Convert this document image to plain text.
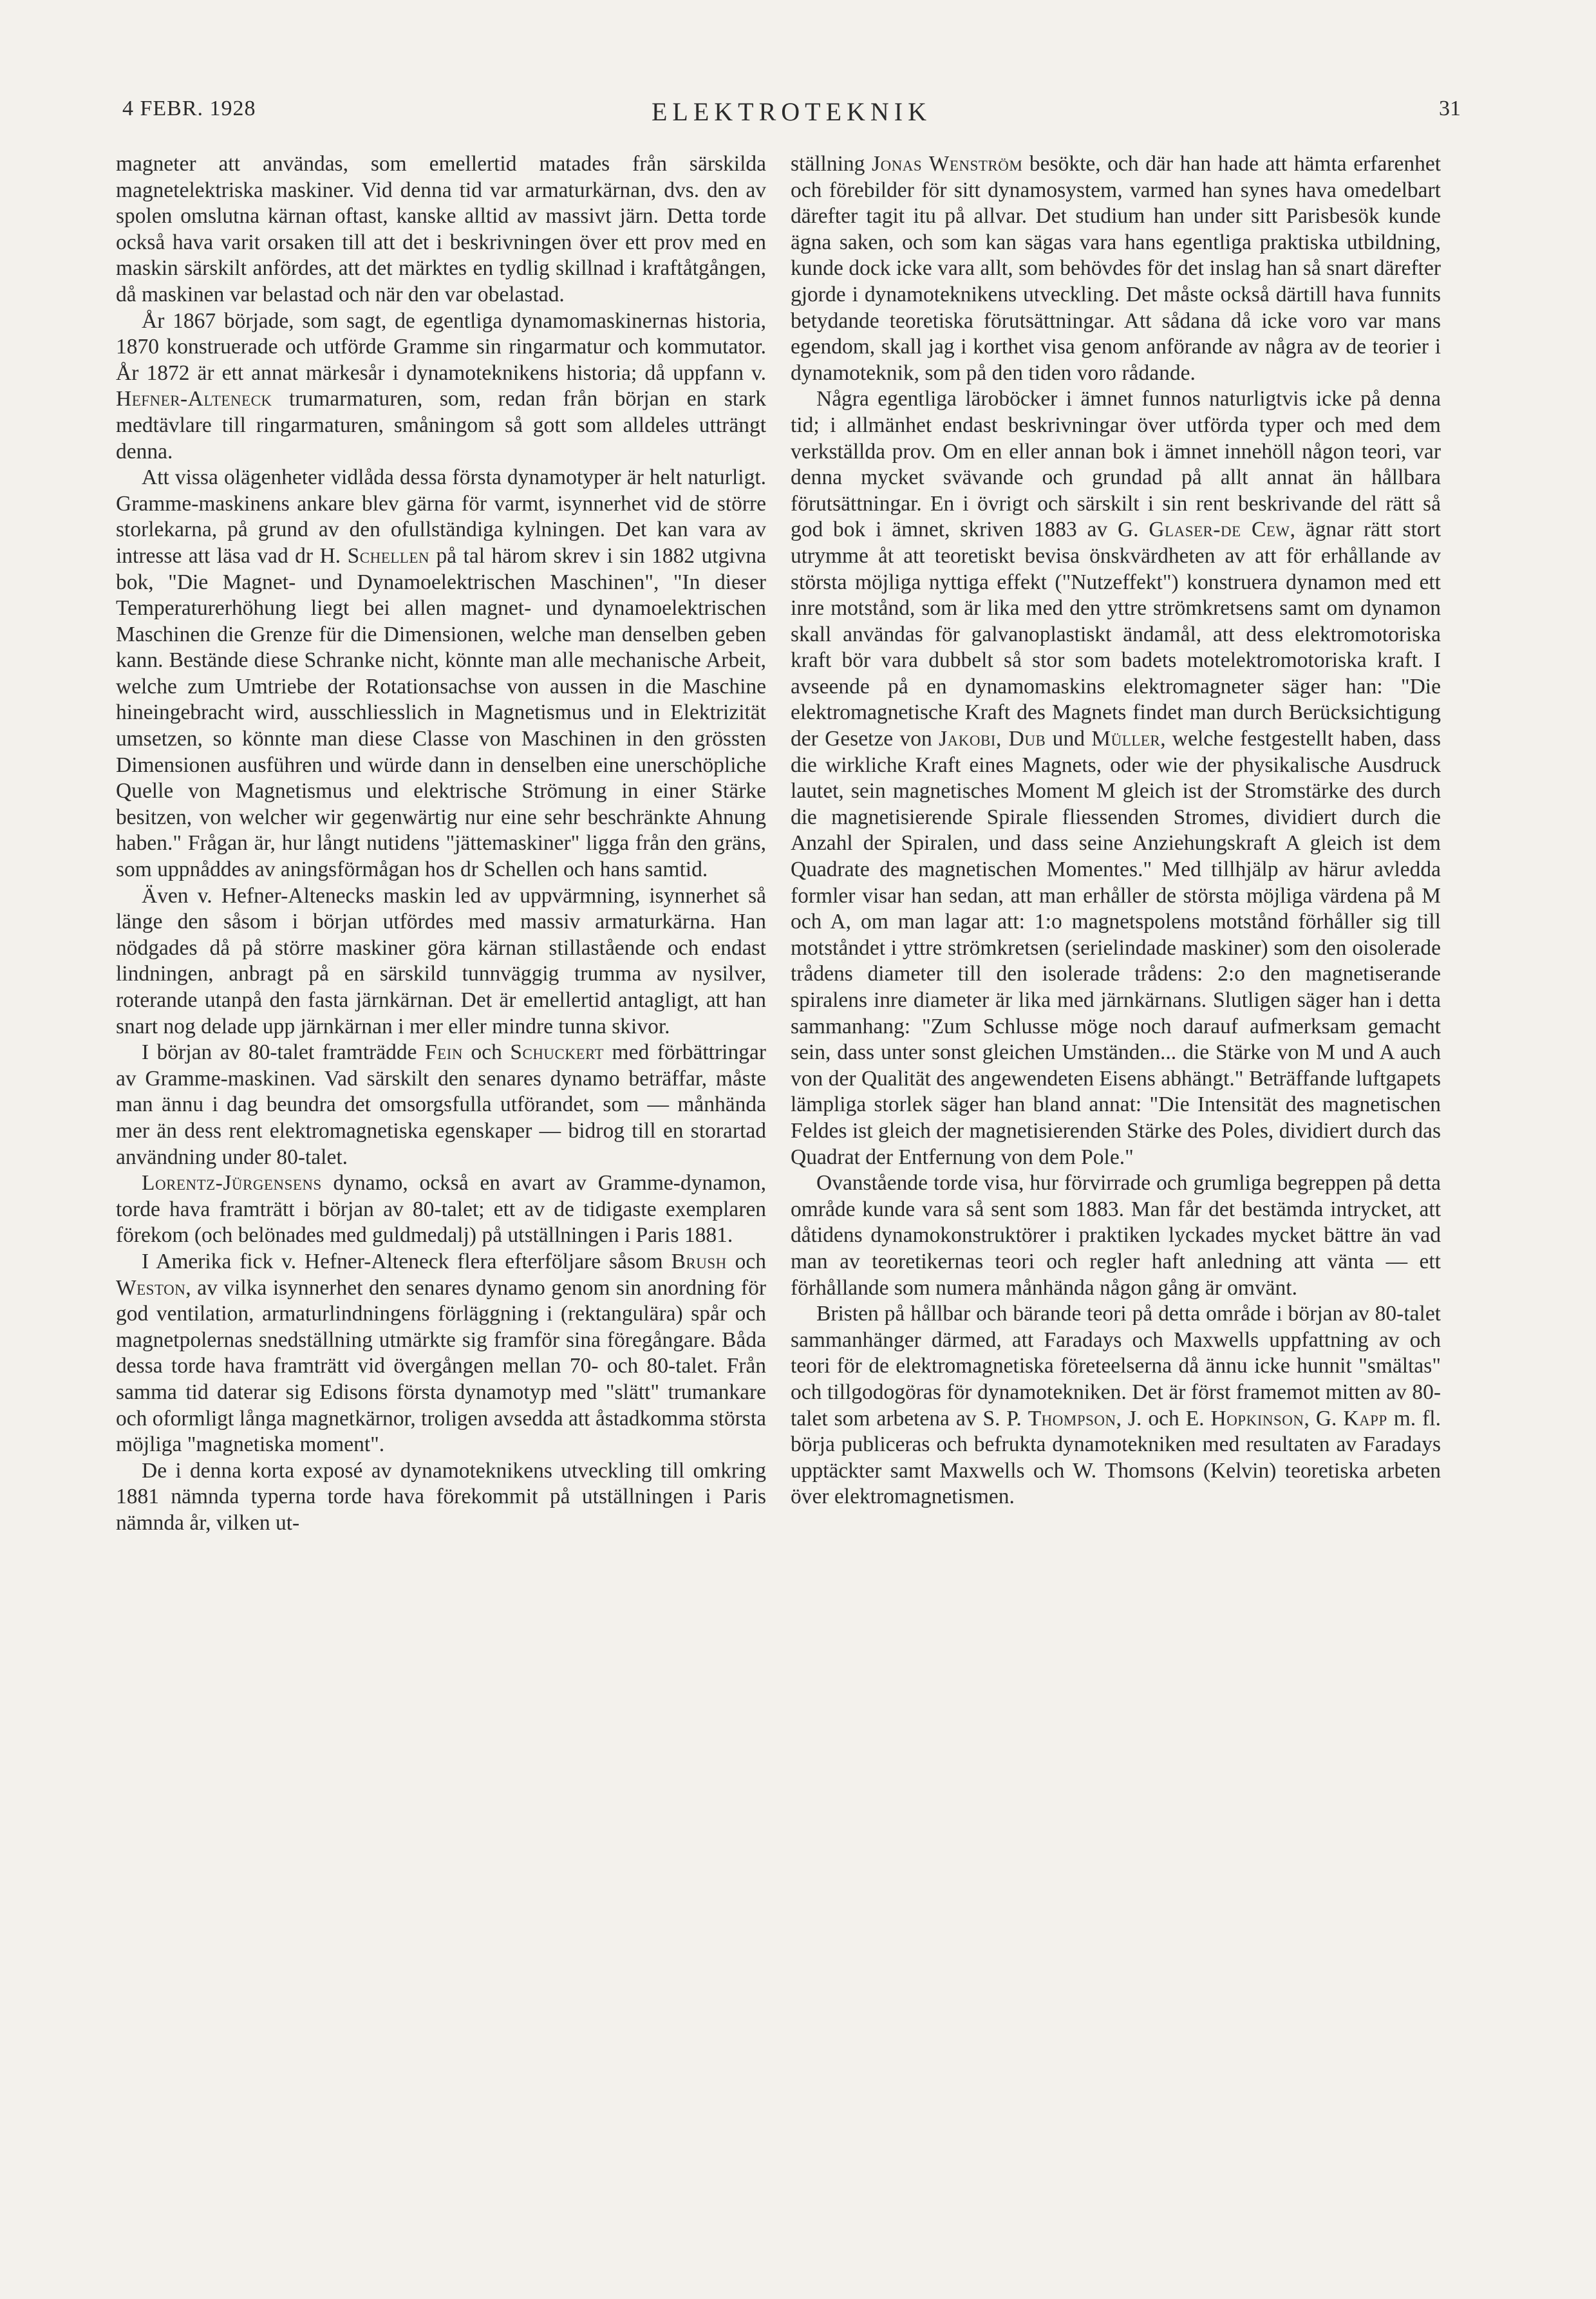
4 FEBR. 1928	ELEKTROTEKNIK	31

magneter att användas, som emellertid matades från särskilda magnetelektriska maskiner. Vid denna tid var armaturkärnan, dvs. den av spolen omslutna kärnan oftast, kanske alltid av massivt järn. Detta torde också hava varit orsaken till att det i beskrivningen över ett prov med en maskin särskilt anfördes, att det märktes en tydlig skillnad i kraftåtgången, då maskinen var belastad och när den var obelastad.

År 1867 började, som sagt, de egentliga dynamomaskinernas historia, 1870 konstruerade och utförde Gramme sin ringarmatur och kommutator. År 1872 är ett annat märkesår i dynamoteknikens historia; då uppfann v. Hefner-Alteneck trumarmaturen, som, redan från början en stark medtävlare till ringarmaturen, småningom så gott som alldeles utträngt denna.

Att vissa olägenheter vidlådа dessa första dynamotyper är helt naturligt. Gramme-maskinens ankare blev gärna för varmt, isynnerhet vid de större storlekarna, på grund av den ofullständiga kylningen. Det kan vara av intresse att läsa vad dr H. Schellen på tal härom skrev i sin 1882 utgivna bok, "Die Magnet- und Dynamoelektrischen Maschinen", "In dieser Temperaturerhöhung liegt bei allen magnet- und dynamoelektrischen Maschinen die Grenze für die Dimensionen, welche man denselben geben kann. Bestände diese Schranke nicht, könnte man alle mechanische Arbeit, welche zum Umtriebe der Rotationsachse von aussen in die Maschine hineingebracht wird, ausschliesslich in Magnetismus und in Elektrizität umsetzen, so könnte man diese Classe von Maschinen in den grössten Dimensionen ausführen und würde dann in denselben eine unerschöpliche Quelle von Magnetismus und elektrische Strömung in einer Stärke besitzen, von welcher wir gegenwärtig nur eine sehr beschränkte Ahnung haben." Frågan är, hur långt nutidens "jättemaskiner" ligga från den gräns, som uppnåddes av aningsförmågan hos dr Schellen och hans samtid.

Även v. Hefner-Alteneсks maskin led av uppvärmning, isynnerhet så länge den såsom i början utfördes med massiv armaturkärna. Han nödgades då på större maskiner göra kärnan stillastående och endast lindningen, anbragt på en särskild tunnväggig trumma av nysilver, roterande utanpå den fasta järnkärnan. Det är emellertid antagligt, att han snart nog delade upp järnkärnan i mer eller mindre tunna skivor.

I början av 80-talet framträdde Fein och Schuckert med förbättringar av Gramme-maskinen. Vad särskilt den senares dynamo beträffar, måste man ännu i dag beundra det omsorgsfulla utförandet, som — månhända mer än dess rent elektromagnetiska egenskaper — bidrog till en storartad användning under 80-talet.

Lorentz-Jürgensens dynamo, också en avart av Gramme-dynamon, torde hava framträtt i början av 80-talet; ett av de tidigaste exemplaren förekom (och belönades med guldmedalj) på utställningen i Paris 1881.

I Amerika fick v. Hefner-Alteneck flera efterföljare såsom Brush och Weston, av vilka isynnerhet den senares dynamo genom sin anordning för god ventilation, armaturlindningens förläggning i (rektangulära) spår och magnetpolernas snedställning utmärkte sig framför sina föregångare. Båda dessa torde hava framträtt vid övergången mellan 70- och 80-talet. Från samma tid daterar sig Edisons första dynamotyp med "slätt" trumankare och oformligt långa magnetkärnor, troligen avsedda att åstadkomma största möjliga "magnetiska moment".

De i denna korta exposé av dynamoteknikens utveckling till omkring 1881 nämnda typerna torde hava förekommit på utställningen i Paris nämnda år, vilken ut-

ställning Jonas Wenström besökte, och där han hade att hämta erfarenhet och förebilder för sitt dynamosystem, varmed han synes hava omedelbart därefter tagit itu på allvar. Det studium han under sitt Parisbesök kunde ägna saken, och som kan sägas vara hans egentliga praktiska utbildning, kunde dock icke vara allt, som behövdes för det inslag han så snart därefter gjorde i dynamoteknikens utveckling. Det måste också därtill hava funnits betydande teoretiska förutsättningar. Att sådana då icke voro var mans egendom, skall jag i korthet visa genom anförande av några av de teorier i dynamoteknik, som på den tiden voro rådande.

Några egentliga läroböcker i ämnet funnos naturligtvis icke på denna tid; i allmänhet endast beskrivningar över utförda typer och med dem verkställda prov. Om en eller annan bok i ämnet innehöll någon teori, var denna mycket svävande och grundad på allt annat än hållbara förutsättningar. En i övrigt och särskilt i sin rent beskrivande del rätt så god bok i ämnet, skriven 1883 av G. Glaser-de Cew, ägnar rätt stort utrymme åt att teoretiskt bevisa önskvärdheten av att för erhållande av största möjliga nyttiga effekt ("Nutzeffekt") konstruera dynamon med ett inre motstånd, som är lika med den yttre strömkretsens samt om dynamon skall användas för galvanoplastiskt ändamål, att dess elektromotoriska kraft bör vara dubbelt så stor som badets motelektromotoriska kraft. I avseende på en dynamomaskins elektromagneter säger han: "Die elektromagnetische Kraft des Magnets findet man durch Berücksichtigung der Gesetze von Jakobi, Dub und Müller, welche festgestellt haben, dass die wirkliche Kraft eines Magnets, oder wie der physikalische Ausdruck lautet, sein magnetisches Moment M gleich ist der Stromstärke des durch die magnetisierende Spirale fliessenden Stromes, dividiert durch die Anzahl der Spiralen, und dass seine Anziehungskraft A gleich ist dem Quadrate des magnetischen Momentes." Med tillhjälp av härur avledda formler visar han sedan, att man erhåller de största möjliga värdena på M och A, om man lagar att: 1:o magnetspolens motstånd förhåller sig till motståndet i yttre strömkretsen (serielindade maskiner) som den oisolerade trådens diameter till den isolerade trådens: 2:o den magnetiserande spiralens inre diameter är lika med järnkärnans. Slutligen säger han i detta sammanhang: "Zum Schlusse möge noch darauf aufmerksam gemacht sein, dass unter sonst gleichen Umständen... die Stärke von M und A auch von der Qualität des angewendeten Eisens abhängt." Beträffande luftgapets lämpliga storlek säger han bland annat: "Die Intensität des magnetischen Feldes ist gleich der magnetisierenden Stärke des Poles, dividiert durch das Quadrat der Entfernung von dem Pole."

Ovanstående torde visa, hur förvirrade och grumliga begreppen på detta område kunde vara så sent som 1883. Man får det bestämda intrycket, att dåtidens dynamokonstruktörer i praktiken lyckades mycket bättre än vad man av teoretikernas teori och regler haft anledning att vänta — ett förhållande som numera månhända någon gång är omvänt.

Bristen på hållbar och bärande teori på detta område i början av 80-talet sammanhänger därmed, att Faradays och Maxwells uppfattning av och teori för de elektromagnetiska företeelserna då ännu icke hunnit "smältas" och tillgodogöras för dynamotekniken. Det är först framemot mitten av 80-talet som arbetena av S. P. Thompson, J. och E. Hopkinson, G. Kapp m. fl. börja publiceras och befrukta dynamotekniken med resultaten av Faradays upptäckter samt Maxwells och W. Thomsons (Kelvin) teoretiska arbeten över elektromagnetismen.
